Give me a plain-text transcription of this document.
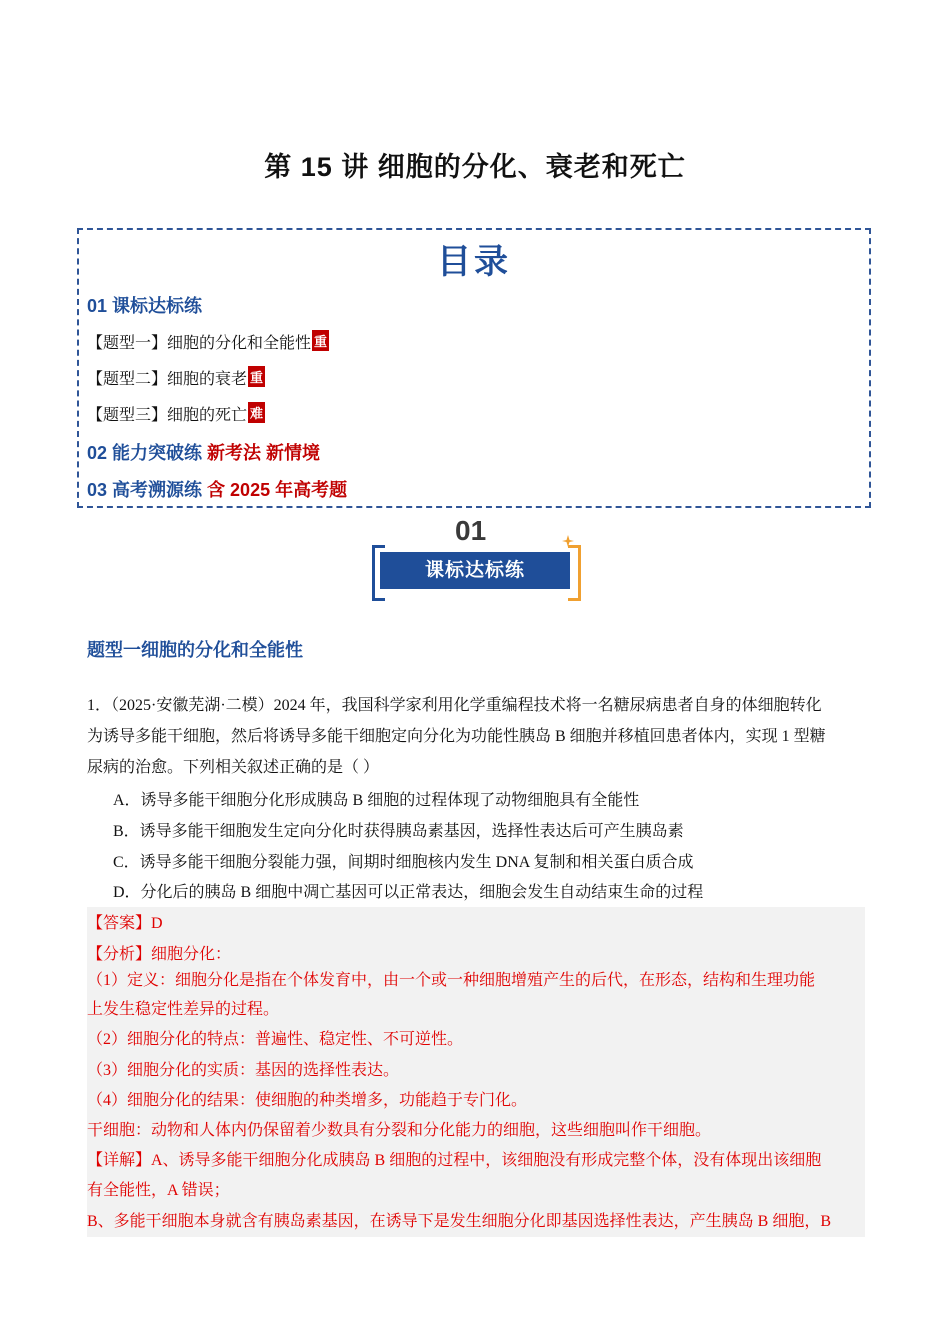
第 15 讲 细胞的分化、衰老和死亡
目录
01 课标达标练
【题型一】细胞的分化和全能性 重
【题型二】细胞的衰老 重
【题型三】细胞的死亡 难
02 能力突破练 新考法 新情境
03 高考溯源练 含 2025 年高考题
01
课标达标练
题型一细胞的分化和全能性
1．（2025·安徽芜湖·二模）2024 年，我国科学家利用化学重编程技术将一名糖尿病患者自身的体细胞转化
为诱导多能干细胞，然后将诱导多能干细胞定向分化为功能性胰岛 B 细胞并移植回患者体内，实现 1 型糖
尿病的治愈。下列相关叙述正确的是（ ）
A．诱导多能干细胞分化形成胰岛 B 细胞的过程体现了动物细胞具有全能性
B．诱导多能干细胞发生定向分化时获得胰岛素基因，选择性表达后可产生胰岛素
C．诱导多能干细胞分裂能力强，间期时细胞核内发生 DNA 复制和相关蛋白质合成
D．分化后的胰岛 B 细胞中凋亡基因可以正常表达，细胞会发生自动结束生命的过程
【答案】D
【分析】细胞分化：
（1）定义：细胞分化是指在个体发育中，由一个或一种细胞增殖产生的后代，在形态，结构和生理功能
上发生稳定性差异的过程。
（2）细胞分化的特点：普遍性、稳定性、不可逆性。
（3）细胞分化的实质：基因的选择性表达。
（4）细胞分化的结果：使细胞的种类增多，功能趋于专门化。
干细胞：动物和人体内仍保留着少数具有分裂和分化能力的细胞，这些细胞叫作干细胞。
【详解】A、诱导多能干细胞分化成胰岛 B 细胞的过程中，该细胞没有形成完整个体，没有体现出该细胞
有全能性，A 错误；
B、多能干细胞本身就含有胰岛素基因，在诱导下是发生细胞分化即基因选择性表达，产生胰岛 B 细胞，B
